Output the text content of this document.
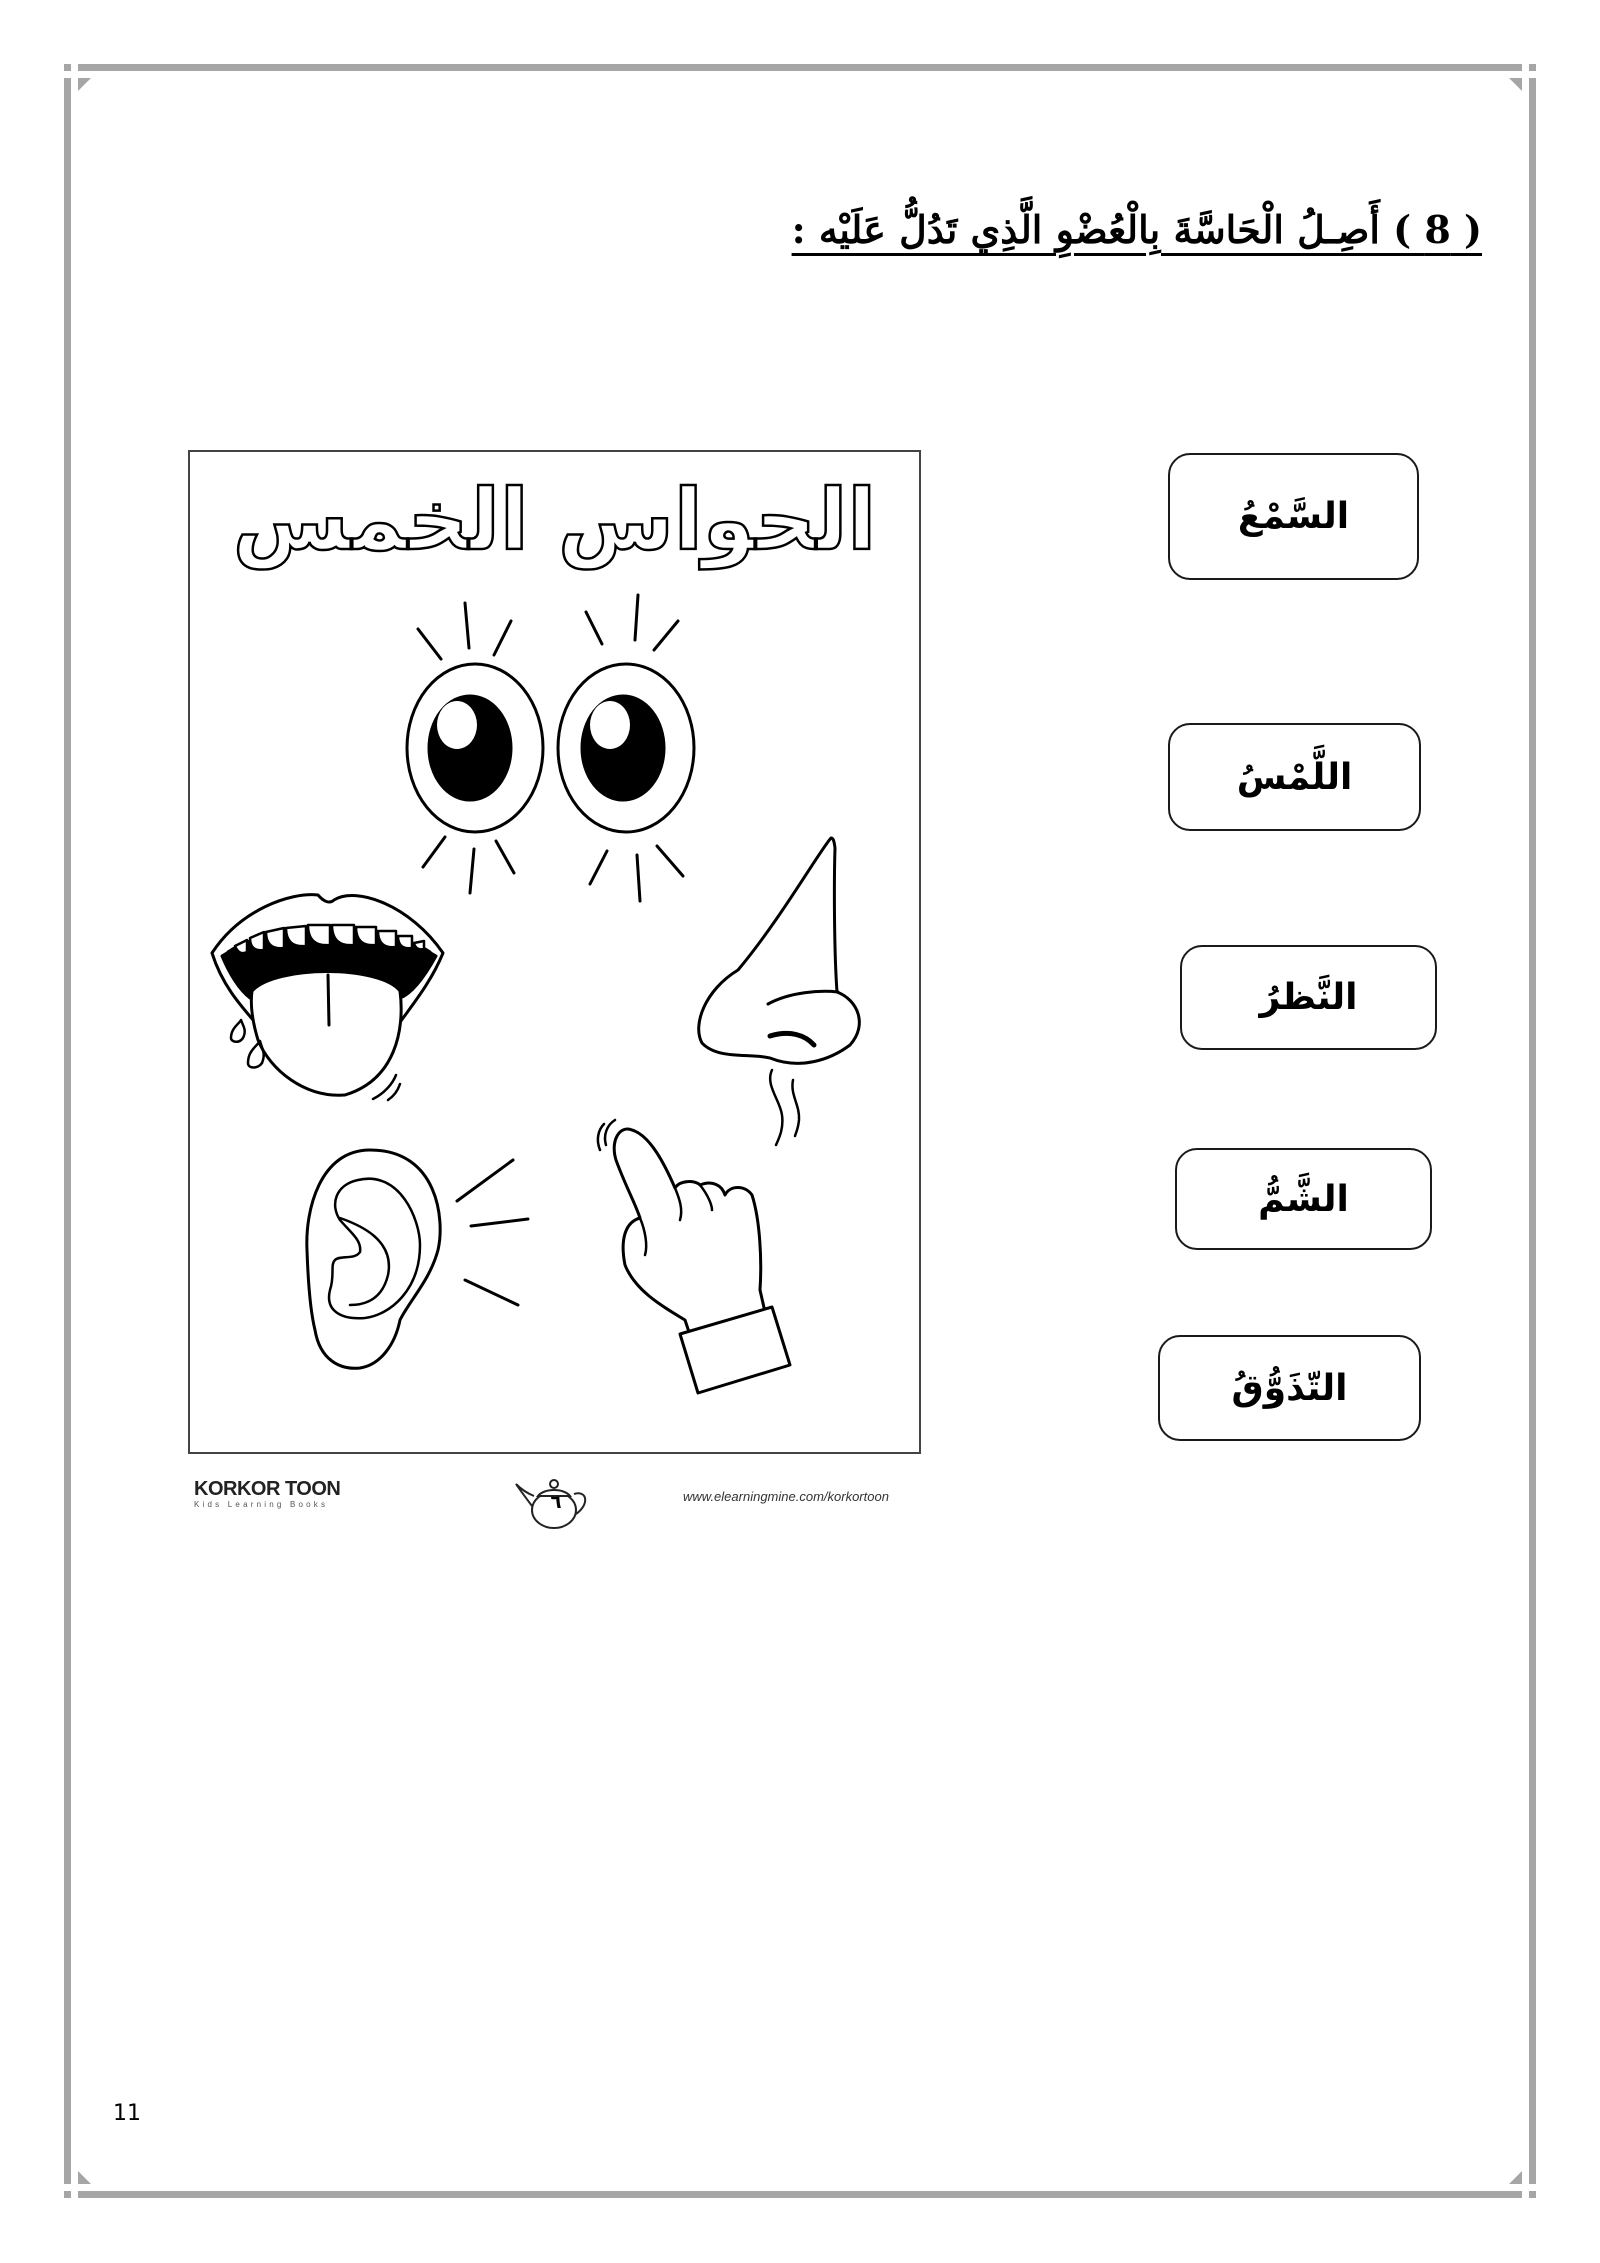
( 8 ) أَصِـلُ الْحَاسَّةَ بِالْعُضْوِ الَّذِي تَدُلُّ عَلَيْه :
الحواس الخمس
KORKOR TOON
Kids Learning Books	٦	www.elearningmine.com/korkortoon
السَّمْعُ
اللَّمْسُ
النَّظرُ
الشَّمُّ
التّذَوُّقُ
11
